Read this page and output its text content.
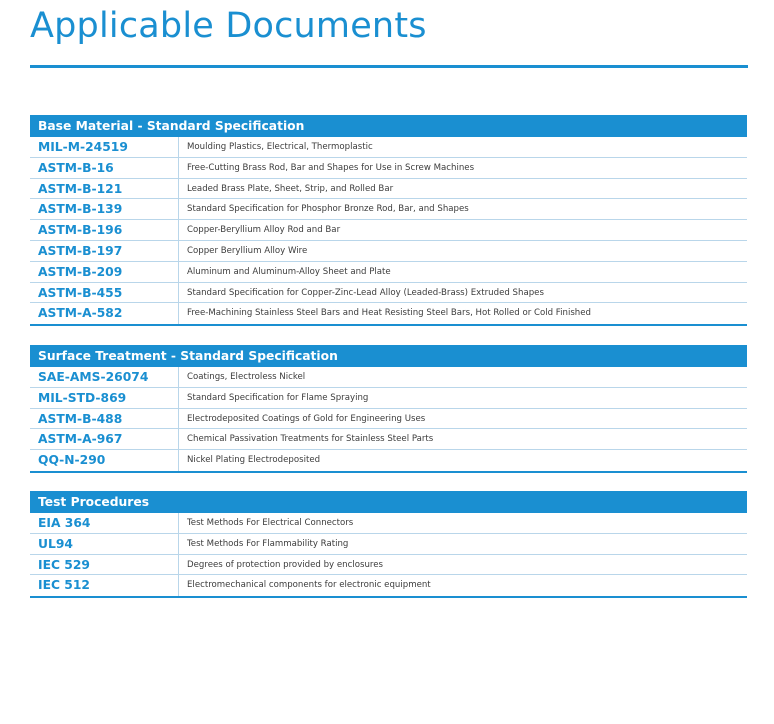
Applicable Documents
Base Material - Standard Specification
MIL-M-24519	Moulding Plastics, Electrical, Thermoplastic
ASTM-B-16	Free-Cutting Brass Rod, Bar and Shapes for Use in Screw Machines
ASTM-B-121	Leaded Brass Plate, Sheet, Strip, and Rolled Bar
ASTM-B-139	Standard Specification for Phosphor Bronze Rod, Bar, and Shapes
ASTM-B-196	Copper-Beryllium Alloy Rod and Bar
ASTM-B-197	Copper Beryllium Alloy Wire
ASTM-B-209	Aluminum and Aluminum-Alloy Sheet and Plate
ASTM-B-455	Standard Specification for Copper-Zinc-Lead Alloy (Leaded-Brass) Extruded Shapes
ASTM-A-582	Free-Machining Stainless Steel Bars and Heat Resisting Steel Bars, Hot Rolled or Cold Finished
Surface Treatment - Standard Specification
SAE-AMS-26074	Coatings, Electroless Nickel
MIL-STD-869	Standard Specification for Flame Spraying
ASTM-B-488	Electrodeposited Coatings of Gold for Engineering Uses
ASTM-A-967	Chemical Passivation Treatments for Stainless Steel Parts
QQ-N-290	Nickel Plating Electrodeposited
Test Procedures
EIA 364	Test Methods For Electrical Connectors
UL94	Test Methods For Flammability Rating
IEC 529	Degrees of protection provided by enclosures
IEC 512	Electromechanical components for electronic equipment
